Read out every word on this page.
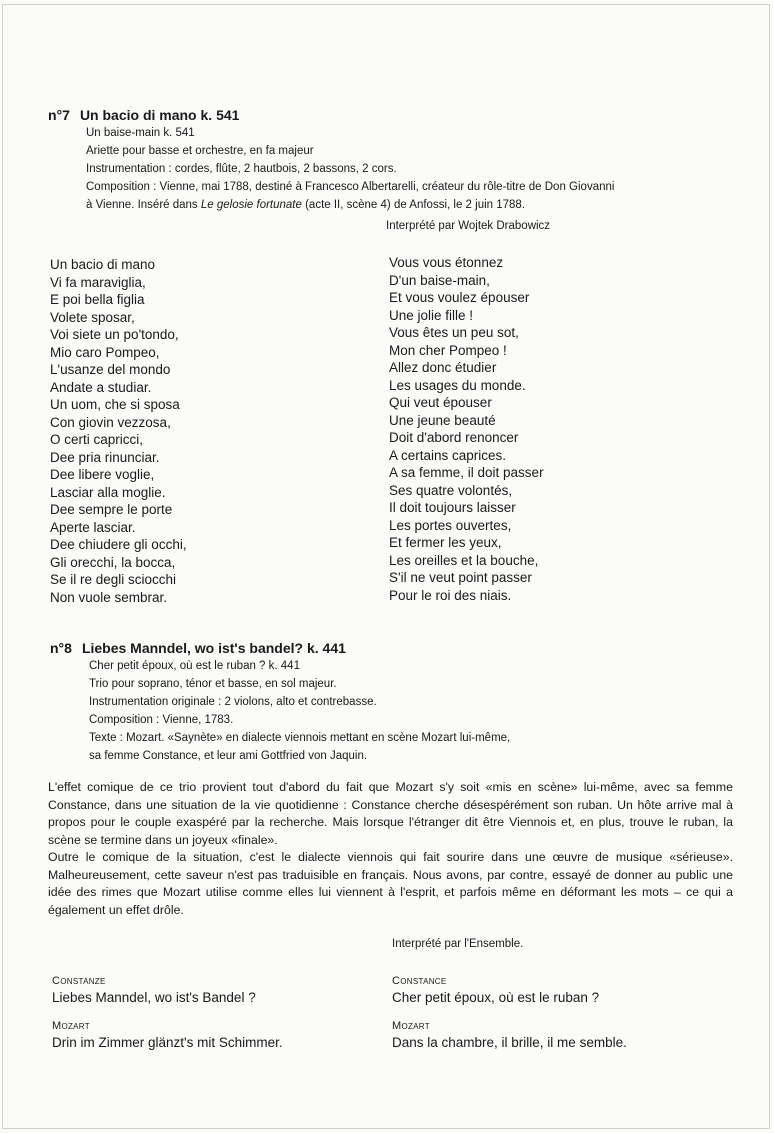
n°7 Un bacio di mano k. 541
Un baise-main k. 541
Ariette pour basse et orchestre, en fa majeur
Instrumentation : cordes, flûte, 2 hautbois, 2 bassons, 2 cors.
Composition : Vienne, mai 1788, destiné à Francesco Albertarelli, créateur du rôle-titre de Don Giovanni
à Vienne. Inséré dans Le gelosie fortunate (acte II, scène 4) de Anfossi, le 2 juin 1788.
Interprété par Wojtek Drabowicz
Un bacio di mano
Vi fa maraviglia,
E poi bella figlia
Volete sposar,
Voi siete un po'tondo,
Mio caro Pompeo,
L'usanze del mondo
Andate a studiar.
Un uom, che si sposa
Con giovin vezzosa,
O certi capricci,
Dee pria rinunciar.
Dee libere voglie,
Lasciar alla moglie.
Dee sempre le porte
Aperte lasciar.
Dee chiudere gli occhi,
Gli orecchi, la bocca,
Se il re degli sciocchi
Non vuole sembrar.
Vous vous étonnez
D'un baise-main,
Et vous voulez épouser
Une jolie fille !
Vous êtes un peu sot,
Mon cher Pompeo !
Allez donc étudier
Les usages du monde.
Qui veut épouser
Une jeune beauté
Doit d'abord renoncer
A certains caprices.
A sa femme, il doit passer
Ses quatre volontés,
Il doit toujours laisser
Les portes ouvertes,
Et fermer les yeux,
Les oreilles et la bouche,
S'il ne veut point passer
Pour le roi des niais.
n°8 Liebes Manndel, wo ist's bandel? k. 441
Cher petit époux, où est le ruban ? k. 441
Trio pour soprano, ténor et basse, en sol majeur.
Instrumentation originale : 2 violons, alto et contrebasse.
Composition : Vienne, 1783.
Texte : Mozart. «Saynète» en dialecte viennois mettant en scène Mozart lui-même,
sa femme Constance, et leur ami Gottfried von Jaquin.

L'effet comique de ce trio provient tout d'abord du fait que Mozart s'y soit «mis en scène» lui-même, avec sa femme Constance, dans une situation de la vie quotidienne : Constance cherche désespérément son ruban. Un hôte arrive mal à propos pour le couple exaspéré par la recherche. Mais lorsque l'étranger dit être Viennois et, en plus, trouve le ruban, la scène se termine dans un joyeux «finale».

Outre le comique de la situation, c'est le dialecte viennois qui fait sourire dans une œuvre de musique «sérieuse». Malheureusement, cette saveur n'est pas traduisible en français. Nous avons, par contre, essayé de donner au public une idée des rimes que Mozart utilise comme elles lui viennent à l'esprit, et parfois même en déformant les mots – ce qui a également un effet drôle.

Interprété par l'Ensemble.
Constanze
Liebes Manndel, wo ist's Bandel ?
Constance
Cher petit époux, où est le ruban ?
Mozart
Drin im Zimmer glänzt's mit Schimmer.
Mozart
Dans la chambre, il brille, il me semble.
